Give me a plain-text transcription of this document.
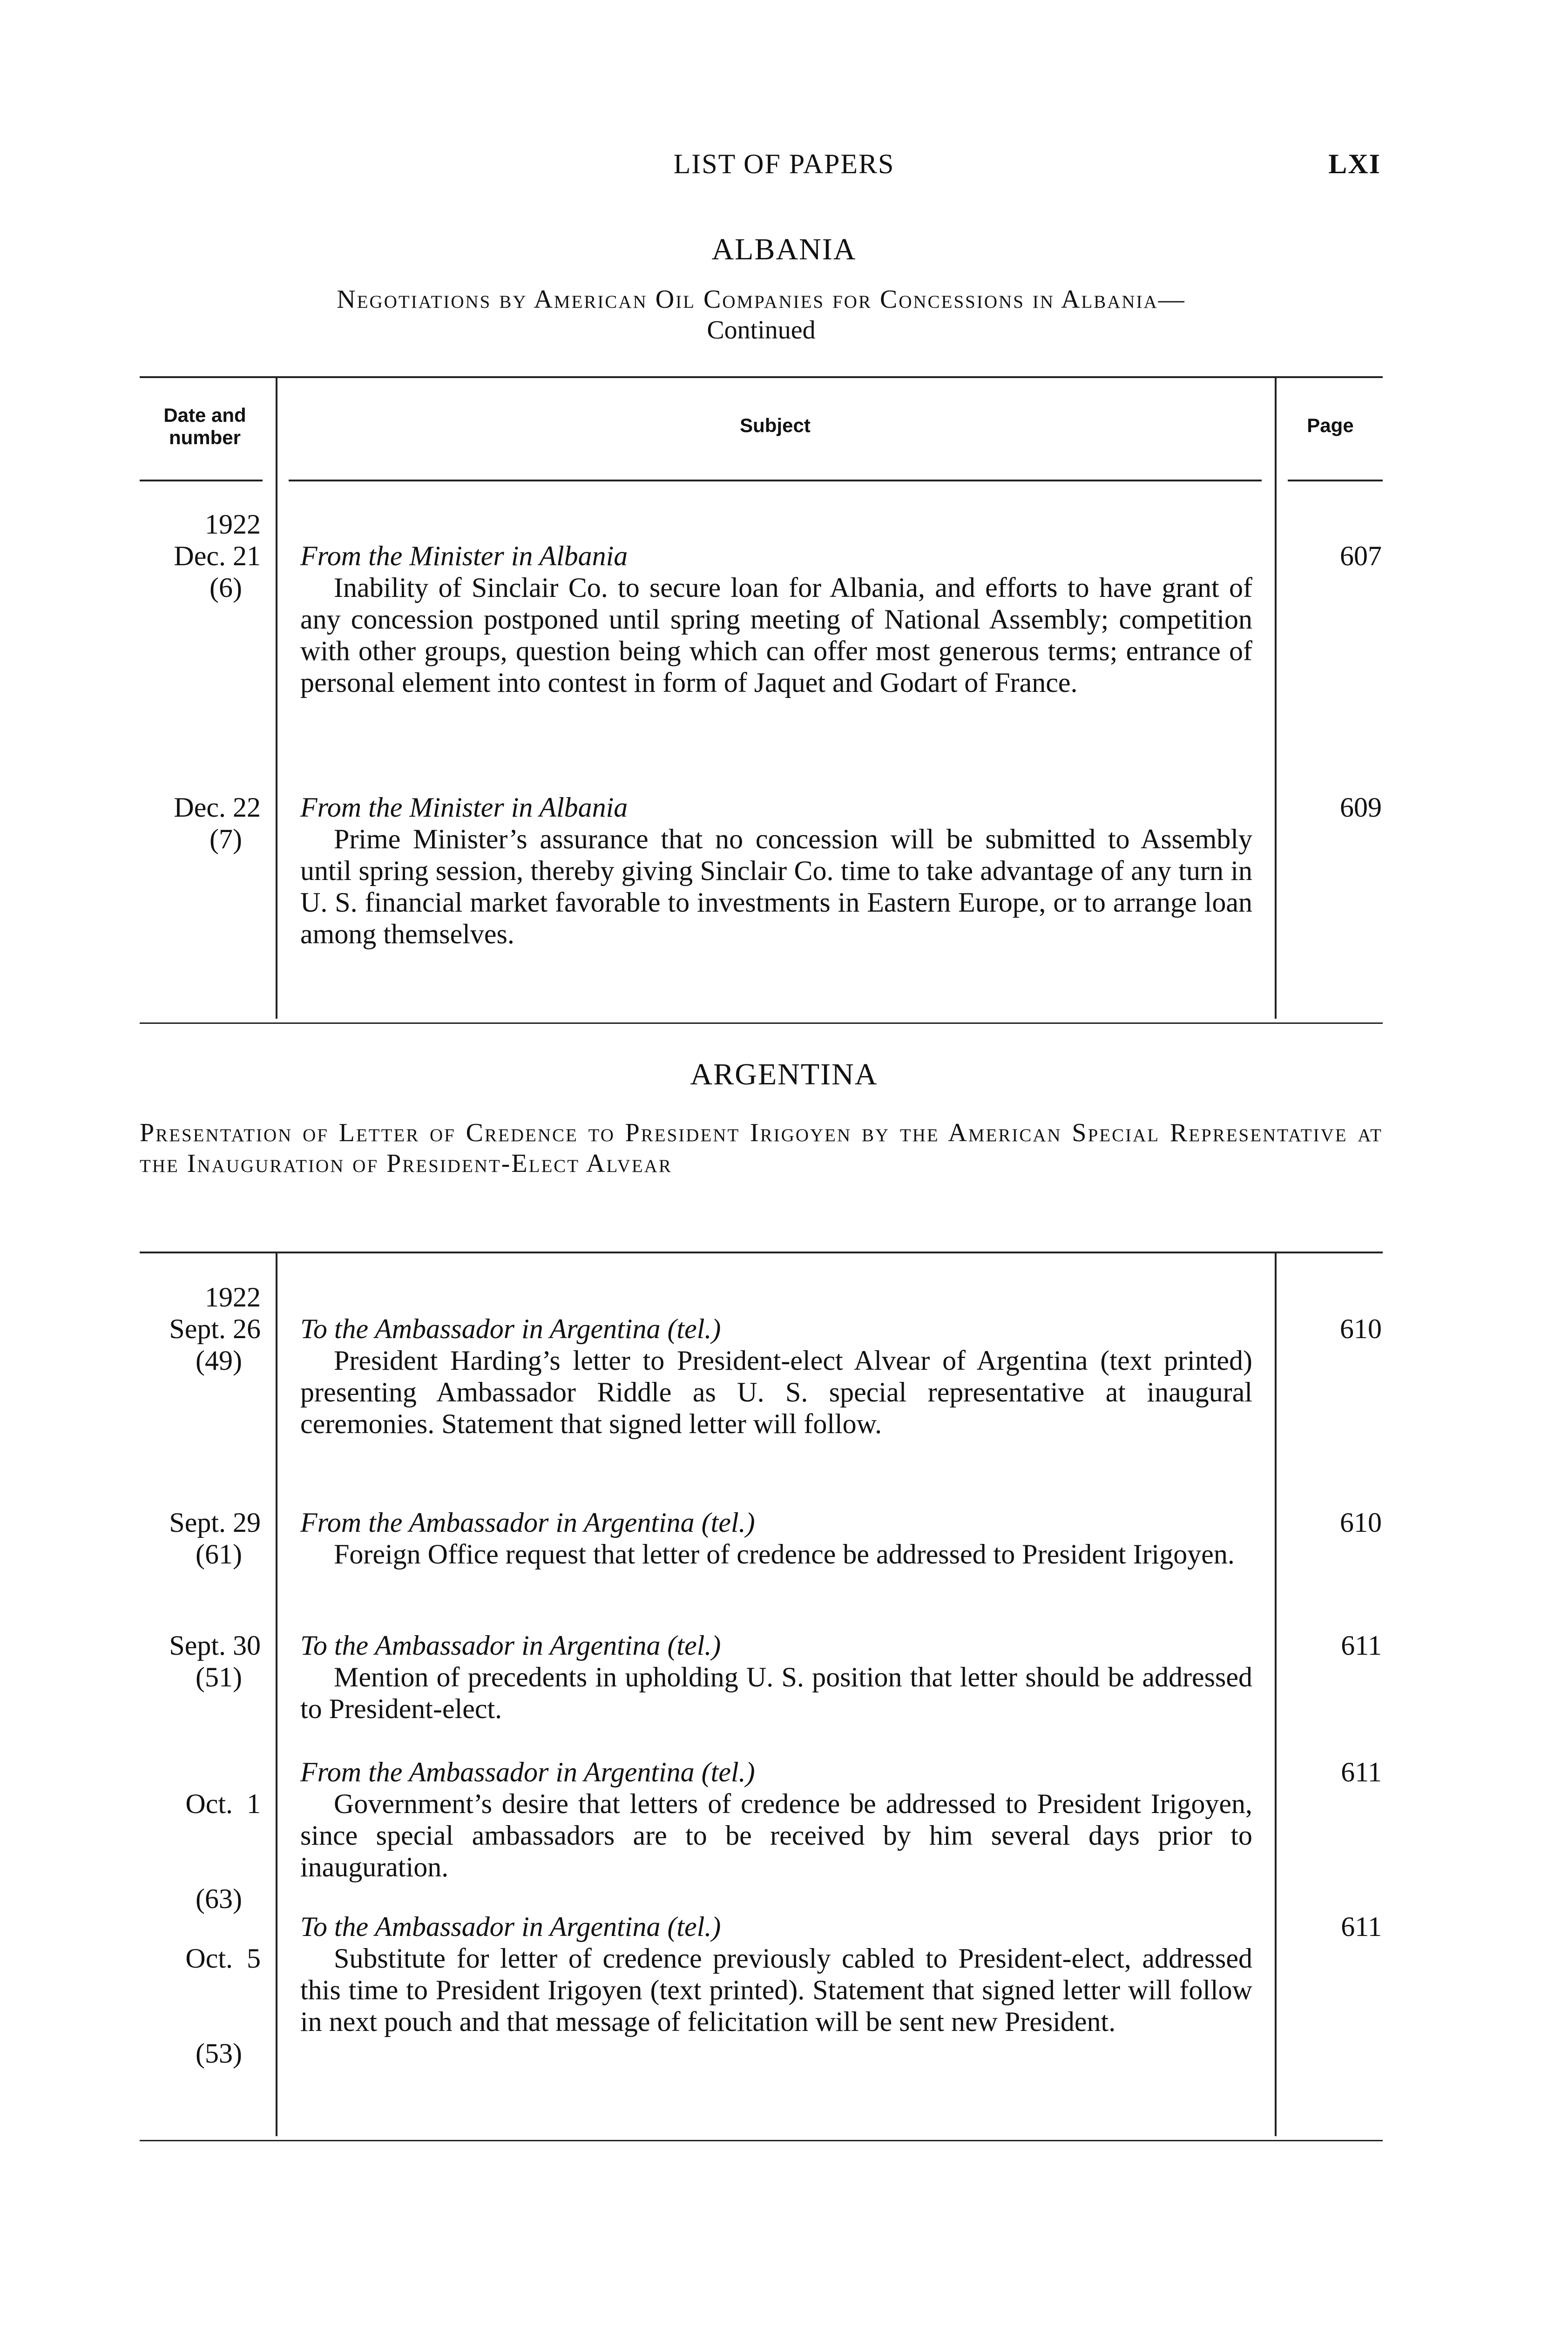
LIST OF PAPERS	LXI
ALBANIA
Negotiations by American Oil Companies for Concessions in Albania—
Continued
Date and number
Subject	Page
1922
Dec. 21

(6)
From the Minister in Albania
Inability of Sinclair Co. to secure loan for Albania, and efforts to have grant of any concession postponed until spring meeting of National Assembly; competition with other groups, question being which can offer most generous terms; entrance of personal element into contest in form of Jaquet and Godart of France.
607
Dec. 22

(7)
From the Minister in Albania
Prime Minister’s assurance that no concession will be submitted to Assembly until spring session, thereby giving Sinclair Co. time to take advantage of any turn in U. S. financial market favorable to investments in Eastern Europe, or to arrange loan among themselves.
609
ARGENTINA
Presentation of Letter of Credence to President Irigoyen by the American Special Representative at the Inauguration of President-Elect Alvear
1922
Sept. 26

(49)
To the Ambassador in Argentina (tel.)
President Harding’s letter to President-elect Alvear of Argentina (text printed) presenting Ambassador Riddle as U. S. special representative at inaugural ceremonies. Statement that signed letter will follow.
610
Sept. 29

(61)
From the Ambassador in Argentina (tel.)
Foreign Office request that letter of credence be addressed to President Irigoyen.
610
Sept. 30

(51)
To the Ambassador in Argentina (tel.)
Mention of precedents in upholding U. S. position that letter should be addressed to President-elect.
611

Oct.  1

(63)

From the Ambassador in Argentina (tel.)
Government’s desire that letters of credence be addressed to President Irigoyen, since special ambassadors are to be received by him several days prior to inauguration.
611

Oct.  5

(53)

To the Ambassador in Argentina (tel.)
Substitute for letter of credence previously cabled to President-elect, addressed this time to President Irigoyen (text printed). Statement that signed letter will follow in next pouch and that message of felicitation will be sent new President.
611
